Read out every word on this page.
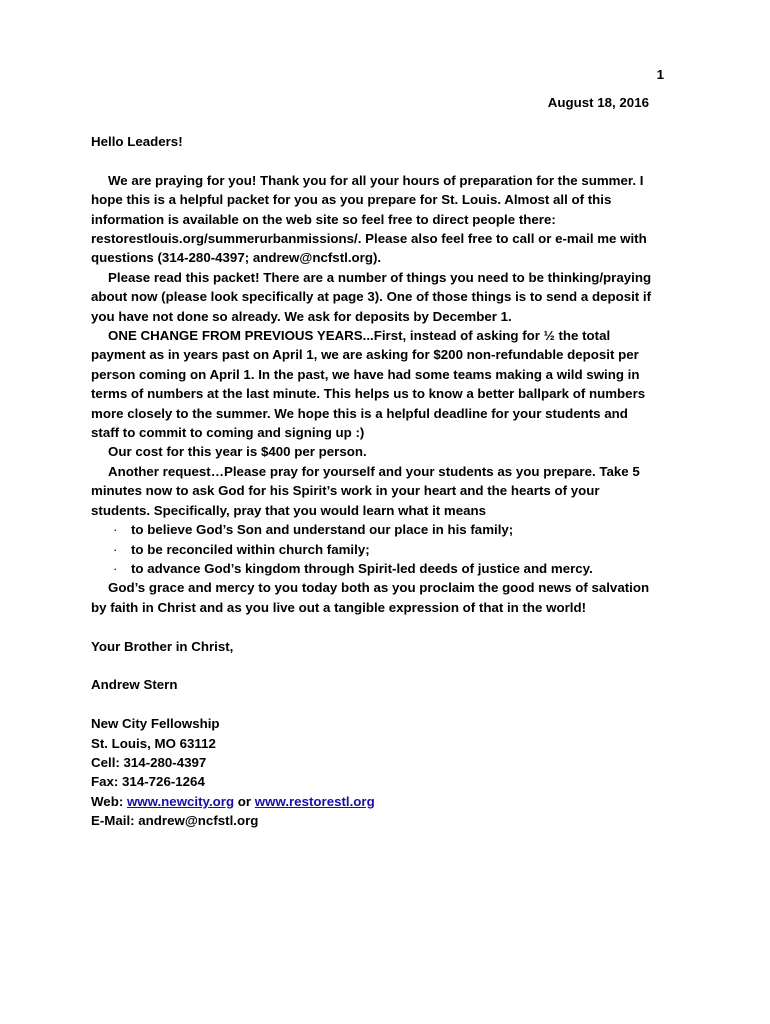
1
August 18, 2016

Hello Leaders!

We are praying for you! Thank you for all your hours of preparation for the summer. I

hope this is a helpful packet for you as you prepare for St. Louis. Almost all of this

information is available on the web site so feel free to direct people there:

restorestlouis.org/summerurbanmissions/. Please also feel free to call or e-mail me with

questions (314-280-4397; andrew@ncfstl.org).

Please read this packet! There are a number of things you need to be thinking/praying

about now (please look specifically at page 3). One of those things is to send a deposit if

you have not done so already. We ask for deposits by December 1.

ONE CHANGE FROM PREVIOUS YEARS...First, instead of asking for ½ the total

payment as in years past on April 1, we are asking for $200 non-refundable deposit per

person coming on April 1. In the past, we have had some teams making a wild swing in

terms of numbers at the last minute. This helps us to know a better ballpark of numbers

more closely to the summer. We hope this is a helpful deadline for your students and

staff to commit to coming and signing up :)

Our cost for this year is $400 per person.

Another request…Please pray for yourself and your students as you prepare. Take 5

minutes now to ask God for his Spirit’s work in your heart and the hearts of your

students. Specifically, pray that you would learn what it means

· to believe God’s Son and understand our place in his family;

· to be reconciled within church family;

· to advance God’s kingdom through Spirit-led deeds of justice and mercy.

God’s grace and mercy to you today both as you proclaim the good news of salvation

by faith in Christ and as you live out a tangible expression of that in the world!

Your Brother in Christ,

Andrew Stern

New City Fellowship

St. Louis, MO 63112

Cell: 314-280-4397

Fax: 314-726-1264

Web: www.newcity.org or www.restorestl.org

E-Mail: andrew@ncfstl.org
